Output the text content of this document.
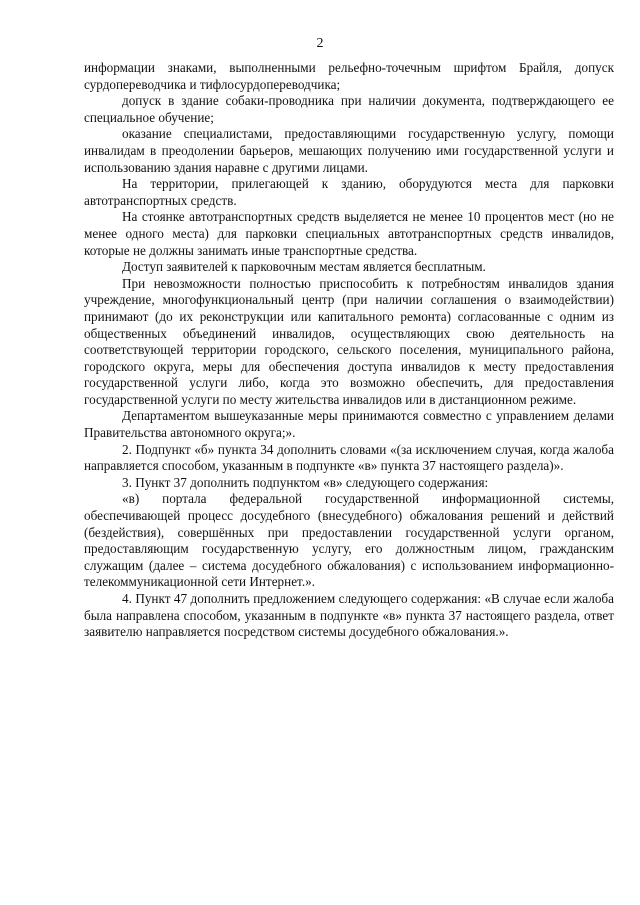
2

информации знаками, выполненными рельефно-точечным шрифтом Брайля, допуск сурдопереводчика и тифлосурдопереводчика;

допуск в здание собаки-проводника при наличии документа, подтверждающего ее специальное обучение;

оказание специалистами, предоставляющими государственную услугу, помощи инвалидам в преодолении барьеров, мешающих получению ими государственной услуги и использованию здания наравне с другими лицами.

На территории, прилегающей к зданию, оборудуются места для парковки автотранспортных средств.

На стоянке автотранспортных средств выделяется не менее 10 процентов мест (но не менее одного места) для парковки специальных автотранспортных средств инвалидов, которые не должны занимать иные транспортные средства.

Доступ заявителей к парковочным местам является бесплатным.

При невозможности полностью приспособить к потребностям инвалидов здания учреждение, многофункциональный центр (при наличии соглашения о взаимодействии) принимают (до их реконструкции или капитального ремонта) согласованные с одним из общественных объединений инвалидов, осуществляющих свою деятельность на соответствующей территории городского, сельского поселения, муниципального района, городского округа, меры для обеспечения доступа инвалидов к месту предоставления государственной услуги либо, когда это возможно обеспечить, для предоставления государственной услуги по месту жительства инвалидов или в дистанционном режиме.

Департаментом вышеуказанные меры принимаются совместно с управлением делами Правительства автономного округа;».

2. Подпункт «б» пункта 34 дополнить словами «(за исключением случая, когда жалоба направляется способом, указанным в подпункте «в» пункта 37 настоящего раздела)».

3. Пункт 37 дополнить подпунктом «в» следующего содержания:

«в) портала федеральной государственной информационной системы, обеспечивающей процесс досудебного (внесудебного) обжалования решений и действий (бездействия), совершённых при предоставлении государственной услуги органом, предоставляющим государственную услугу, его должностным лицом, гражданским служащим (далее – система досудебного обжалования) с использованием информационно-телекоммуникационной сети Интернет.».

4. Пункт 47 дополнить предложением следующего содержания: «В случае если жалоба была направлена способом, указанным в подпункте «в» пункта 37 настоящего раздела, ответ заявителю направляется посредством системы досудебного обжалования.».
